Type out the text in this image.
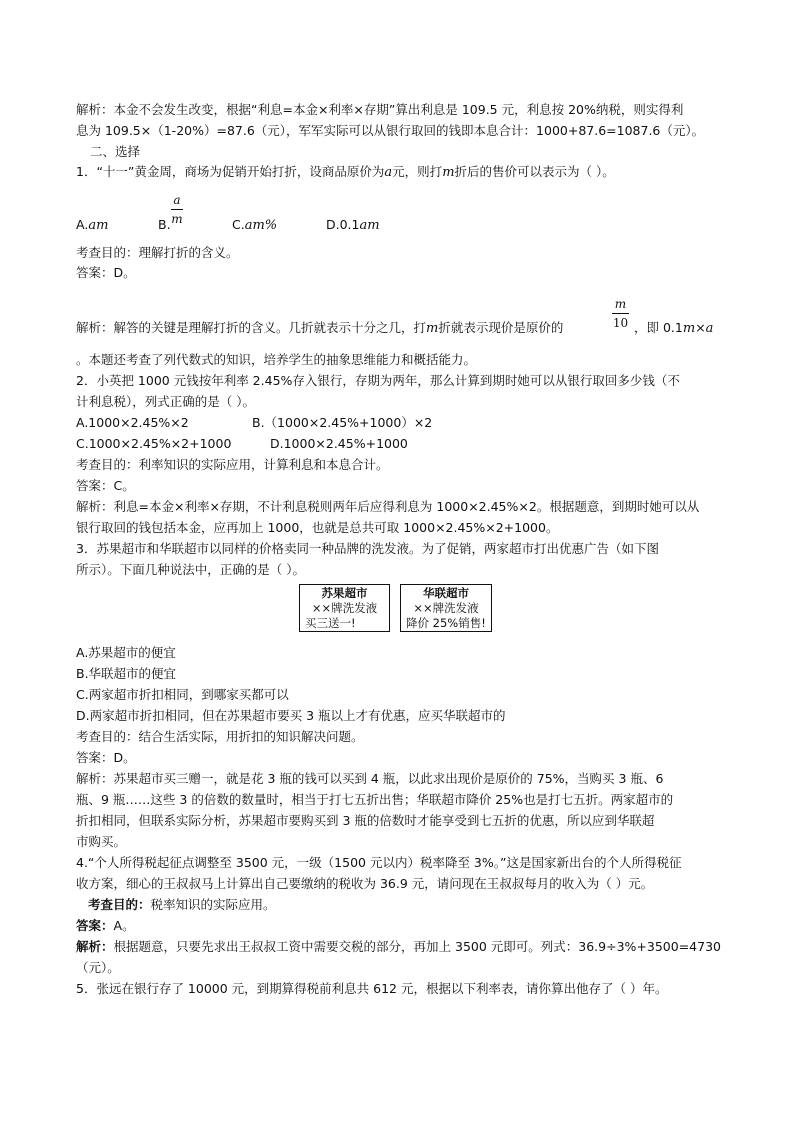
解析：本金不会发生改变，根据“利息=本金×利率×存期”算出利息是 109.5 元，利息按 20%纳税，则实得利
息为 109.5×（1-20%）=87.6（元），军军实际可以从银行取回的钱即本息合计：1000+87.6=1087.6（元）。
二、选择
1．“十一”黄金周，商场为促销开始打折，设商品原价为a元，则打m折后的售价可以表示为（ ）。
A.am	B.
a
m	C.am%	D.0.1am
考查目的：理解打折的含义。
答案：D。
解析：解答的关键是理解打折的含义。几折就表示十分之几，打m折就表示现价是原价的
m
10 ，即 0.1m×a
。本题还考查了列代数式的知识，培养学生的抽象思维能力和概括能力。
2．小英把 1000 元钱按年利率 2.45%存入银行，存期为两年，那么计算到期时她可以从银行取回多少钱（不
计利息税），列式正确的是（ ）。
A.1000×2.45%×2	B.（1000×2.45%+1000）×2
C.1000×2.45%×2+1000	D.1000×2.45%+1000
考查目的：利率知识的实际应用，计算利息和本息合计。
答案：C。
解析：利息=本金×利率×存期，不计利息税则两年后应得利息为 1000×2.45%×2。根据题意，到期时她可以从
银行取回的钱包括本金，应再加上 1000，也就是总共可取 1000×2.45%×2+1000。
3．苏果超市和华联超市以同样的价格卖同一种品牌的洗发液。为了促销，两家超市打出优惠广告（如下图
所示）。下面几种说法中，正确的是（ ）。
苏果超市
××牌洗发液
买三送一!
华联超市
××牌洗发液
降价 25%销售!
A.苏果超市的便宜
B.华联超市的便宜
C.两家超市折扣相同，到哪家买都可以
D.两家超市折扣相同，但在苏果超市要买 3 瓶以上才有优惠，应买华联超市的
考查目的：结合生活实际，用折扣的知识解决问题。
答案：D。
解析：苏果超市买三赠一，就是花 3 瓶的钱可以买到 4 瓶，以此求出现价是原价的 75%，当购买 3 瓶、6
瓶、9 瓶……这些 3 的倍数的数量时，相当于打七五折出售；华联超市降价 25%也是打七五折。两家超市的
折扣相同，但联系实际分析，苏果超市要购买到 3 瓶的倍数时才能享受到七五折的优惠，所以应到华联超
市购买。
4.“个人所得税起征点调整至 3500 元，一级（1500 元以内）税率降至 3%。”这是国家新出台的个人所得税征
收方案，细心的王叔叔马上计算出自己要缴纳的税收为 36.9 元，请问现在王叔叔每月的收入为（ ）元。
考查目的：税率知识的实际应用。
答案：A。
解析：根据题意，只要先求出王叔叔工资中需要交税的部分，再加上 3500 元即可。列式：36.9÷3%+3500=4730
（元）。
5．张远在银行存了 10000 元，到期算得税前利息共 612 元，根据以下利率表，请你算出他存了（ ）年。
